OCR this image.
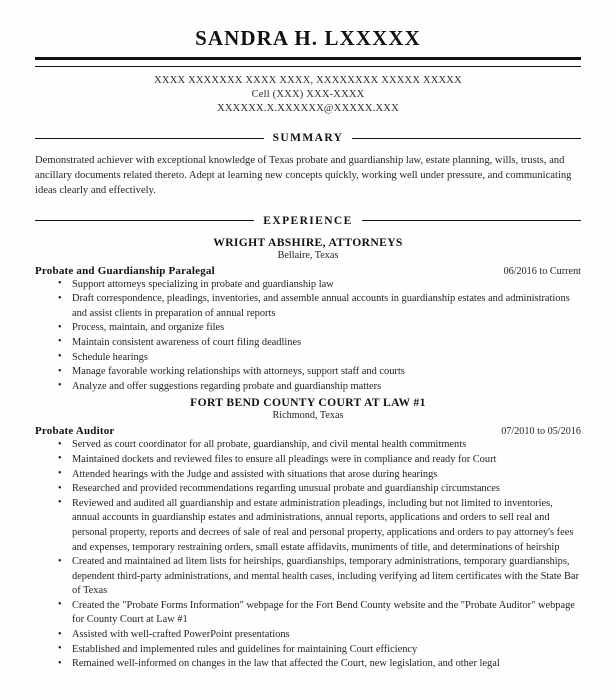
SANDRA H. LXXXXX
XXXX XXXXXXX XXXX XXXX, XXXXXXXX XXXXX XXXXX
Cell (XXX) XXX-XXXX
XXXXXX.X.XXXXXX@XXXXX.XXX
SUMMARY

Demonstrated achiever with exceptional knowledge of Texas probate and guardianship law, estate planning, wills, trusts, and ancillary documents related thereto. Adept at learning new concepts quickly, working well under pressure, and communicating ideas clearly and effectively.

EXPERIENCE
WRIGHT ABSHIRE, ATTORNEYS
Bellaire, Texas
Probate and Guardianship Paralegal	06/2016 to Current
• Support attorneys specializing in probate and guardianship law
• Draft correspondence, pleadings, inventories, and assemble annual accounts in guardianship estates and administrations and assist clients in preparation of annual reports
• Process, maintain, and organize files
• Maintain consistent awareness of court filing deadlines
• Schedule hearings
• Manage favorable working relationships with attorneys, support staff and courts
• Analyze and offer suggestions regarding probate and guardianship matters
FORT BEND COUNTY COURT AT LAW #1
Richmond, Texas
Probate Auditor	07/2010 to 05/2016
• Served as court coordinator for all probate, guardianship, and civil mental health commitments
• Maintained dockets and reviewed files to ensure all pleadings were in compliance and ready for Court
• Attended hearings with the Judge and assisted with situations that arose during hearings
• Researched and provided recommendations regarding unusual probate and guardianship circumstances
• Reviewed and audited all guardianship and estate administration pleadings, including but not limited to inventories, annual accounts in guardianship estates and administrations, annual reports, applications and orders to sell real and personal property, reports and decrees of sale of real and personal property, applications and orders to pay attorney's fees and expenses, temporary restraining orders, small estate affidavits, muniments of title, and determinations of heirship
• Created and maintained ad litem lists for heirships, guardianships, temporary administrations, temporary guardianships, dependent third-party administrations, and mental health cases, including verifying ad litem certificates with the State Bar of Texas
• Created the "Probate Forms Information" webpage for the Fort Bend County website and the "Probate Auditor" webpage for County Court at Law #1
• Assisted with well-crafted PowerPoint presentations
• Established and implemented rules and guidelines for maintaining Court efficiency
• Remained well-informed on changes in the law that affected the Court, new legislation, and other legal
